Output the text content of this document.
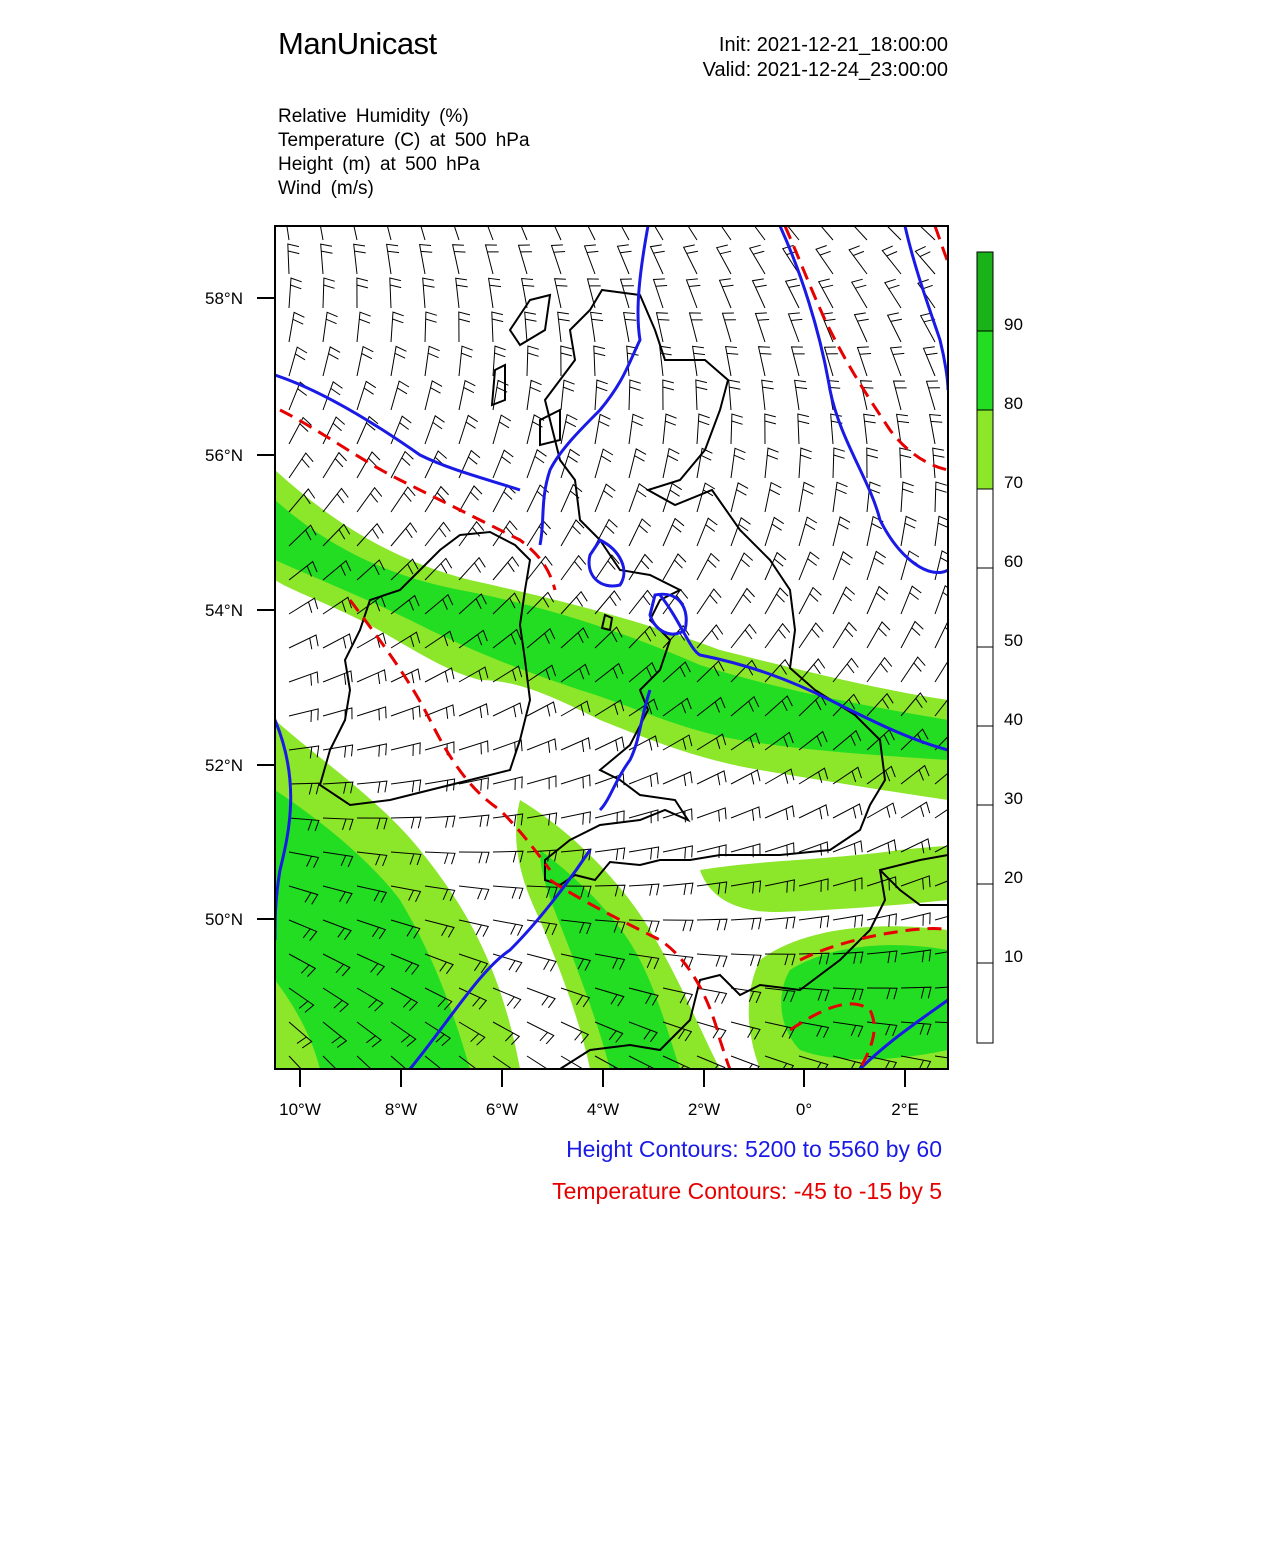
ManUnicast	Init: 2021-12-21_18:00:00
Valid: 2021-12-24_23:00:00
Relative Humidity (%)
Temperature (C) at 500 hPa
Height (m) at 500 hPa
Wind (m/s)
58°N
56°N
54°N
52°N
50°N
10°W	8°W	6°W	4°W	2°W	0°	2°E
90
80
70
60
50
40
30
20
10
Height Contours: 5200 to 5560 by 60
Temperature Contours: -45 to -15 by 5
